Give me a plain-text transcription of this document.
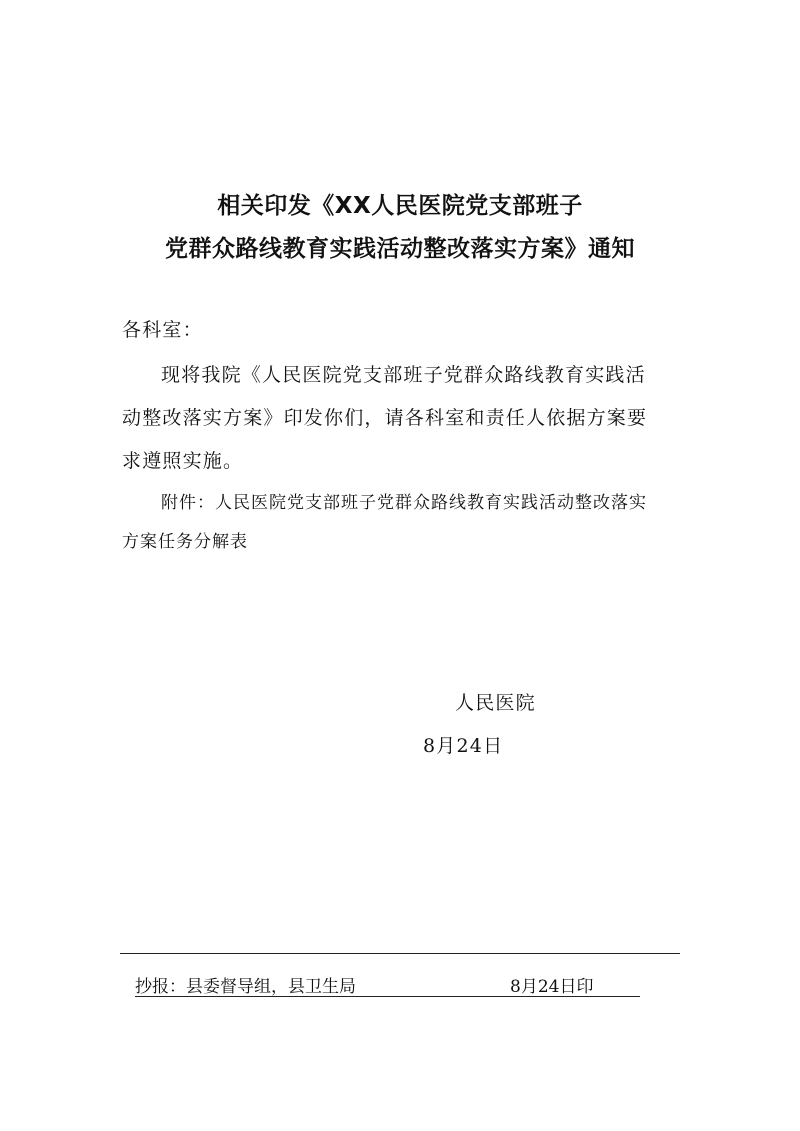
相关印发《XX人民医院党支部班子
党群众路线教育实践活动整改落实方案》通知
各科室：
现将我院《人民医院党支部班子党群众路线教育实践活
动整改落实方案》印发你们，请各科室和责任人依据方案要
求遵照实施。
附件：人民医院党支部班子党群众路线教育实践活动整改落实
方案任务分解表
人民医院
8月24日
抄报：县委督导组，县卫生局	8月24日印
